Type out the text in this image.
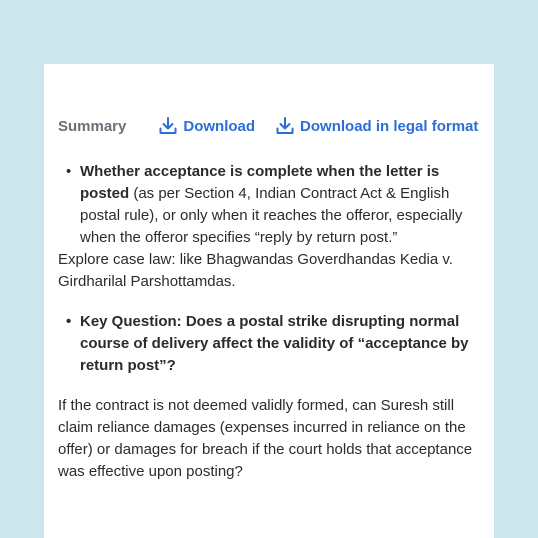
Summary	Download	Download in legal format
• Whether acceptance is complete when the letter is posted (as per Section 4, Indian Contract Act & English postal rule), or only when it reaches the offeror, especially when the offeror specifies “reply by return post.”

Explore case law: like Bhagwandas Goverdhandas Kedia v. Girdharilal Parshottamdas.

• Key Question: Does a postal strike disrupting normal course of delivery affect the validity of “acceptance by return post”?

If the contract is not deemed validly formed, can Suresh still claim reliance damages (expenses incurred in reliance on the offer) or damages for breach if the court holds that acceptance was effective upon posting?
